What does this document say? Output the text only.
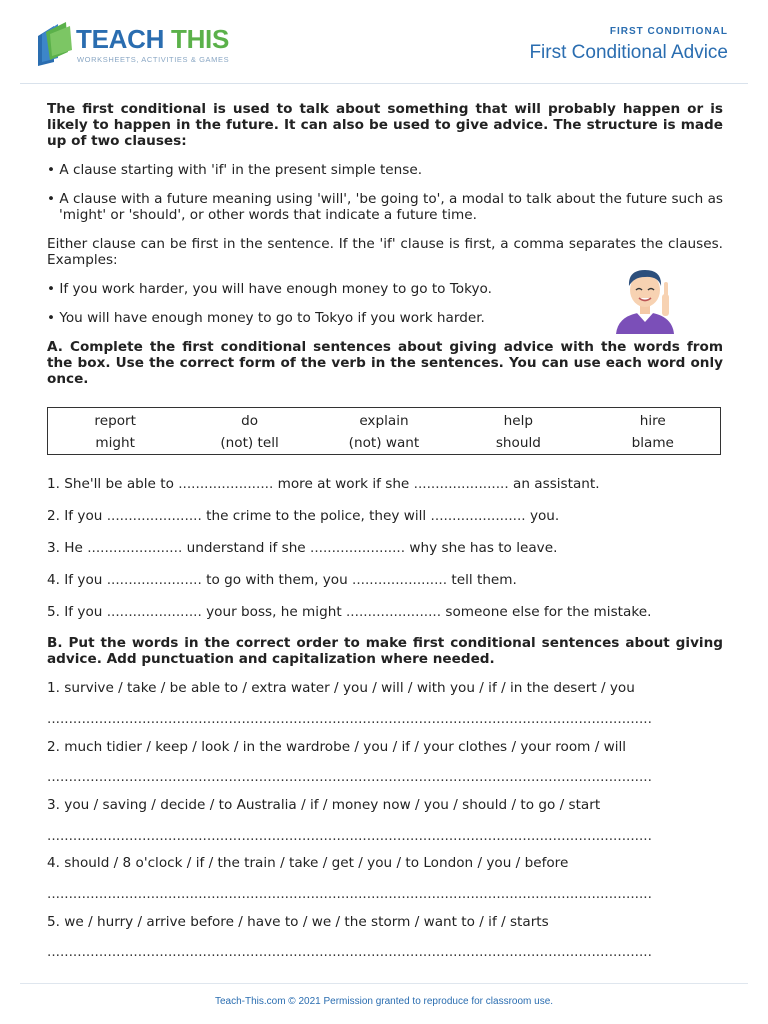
TEACH THIS
WORKSHEETS, ACTIVITIES & GAMES
FIRST CONDITIONAL
First Conditional Advice

The first conditional is used to talk about something that will probably happen or is likely to happen in the future. It can also be used to give advice. The structure is made up of two clauses:

• A clause starting with 'if' in the present simple tense.

• A clause with a future meaning using 'will', 'be going to', a modal to talk about the future such as 'might' or 'should', or other words that indicate a future time.

Either clause can be first in the sentence. If the 'if' clause is first, a comma separates the clauses. Examples:

• If you work harder, you will have enough money to go to Tokyo.

• You will have enough money to go to Tokyo if you work harder.

A. Complete the first conditional sentences about giving advice with the words from the box. Use the correct form of the verb in the sentences. You can use each word only once.

report	do	explain	help	hire
might	(not) tell	(not) want	should	blame
1. She'll be able to ...................... more at work if she ...................... an assistant.
2. If you ...................... the crime to the police, they will ...................... you.
3. He ...................... understand if she ...................... why she has to leave.
4. If you ...................... to go with them, you ...................... tell them.
5. If you ...................... your boss, he might ...................... someone else for the mistake.

B. Put the words in the correct order to make first conditional sentences about giving advice. Add punctuation and capitalization where needed.

1. survive / take / be able to / extra water / you / will / with you / if / in the desert / you
............................................................................................................................................
2. much tidier / keep / look / in the wardrobe / you / if / your clothes / your room / will
............................................................................................................................................
3. you / saving / decide / to Australia / if / money now / you / should / to go / start
............................................................................................................................................
4. should / 8 o'clock / if / the train / take / get / you / to London / you / before
............................................................................................................................................
5. we / hurry / arrive before / have to / we / the storm / want to / if / starts
............................................................................................................................................
Teach-This.com © 2021 Permission granted to reproduce for classroom use.
